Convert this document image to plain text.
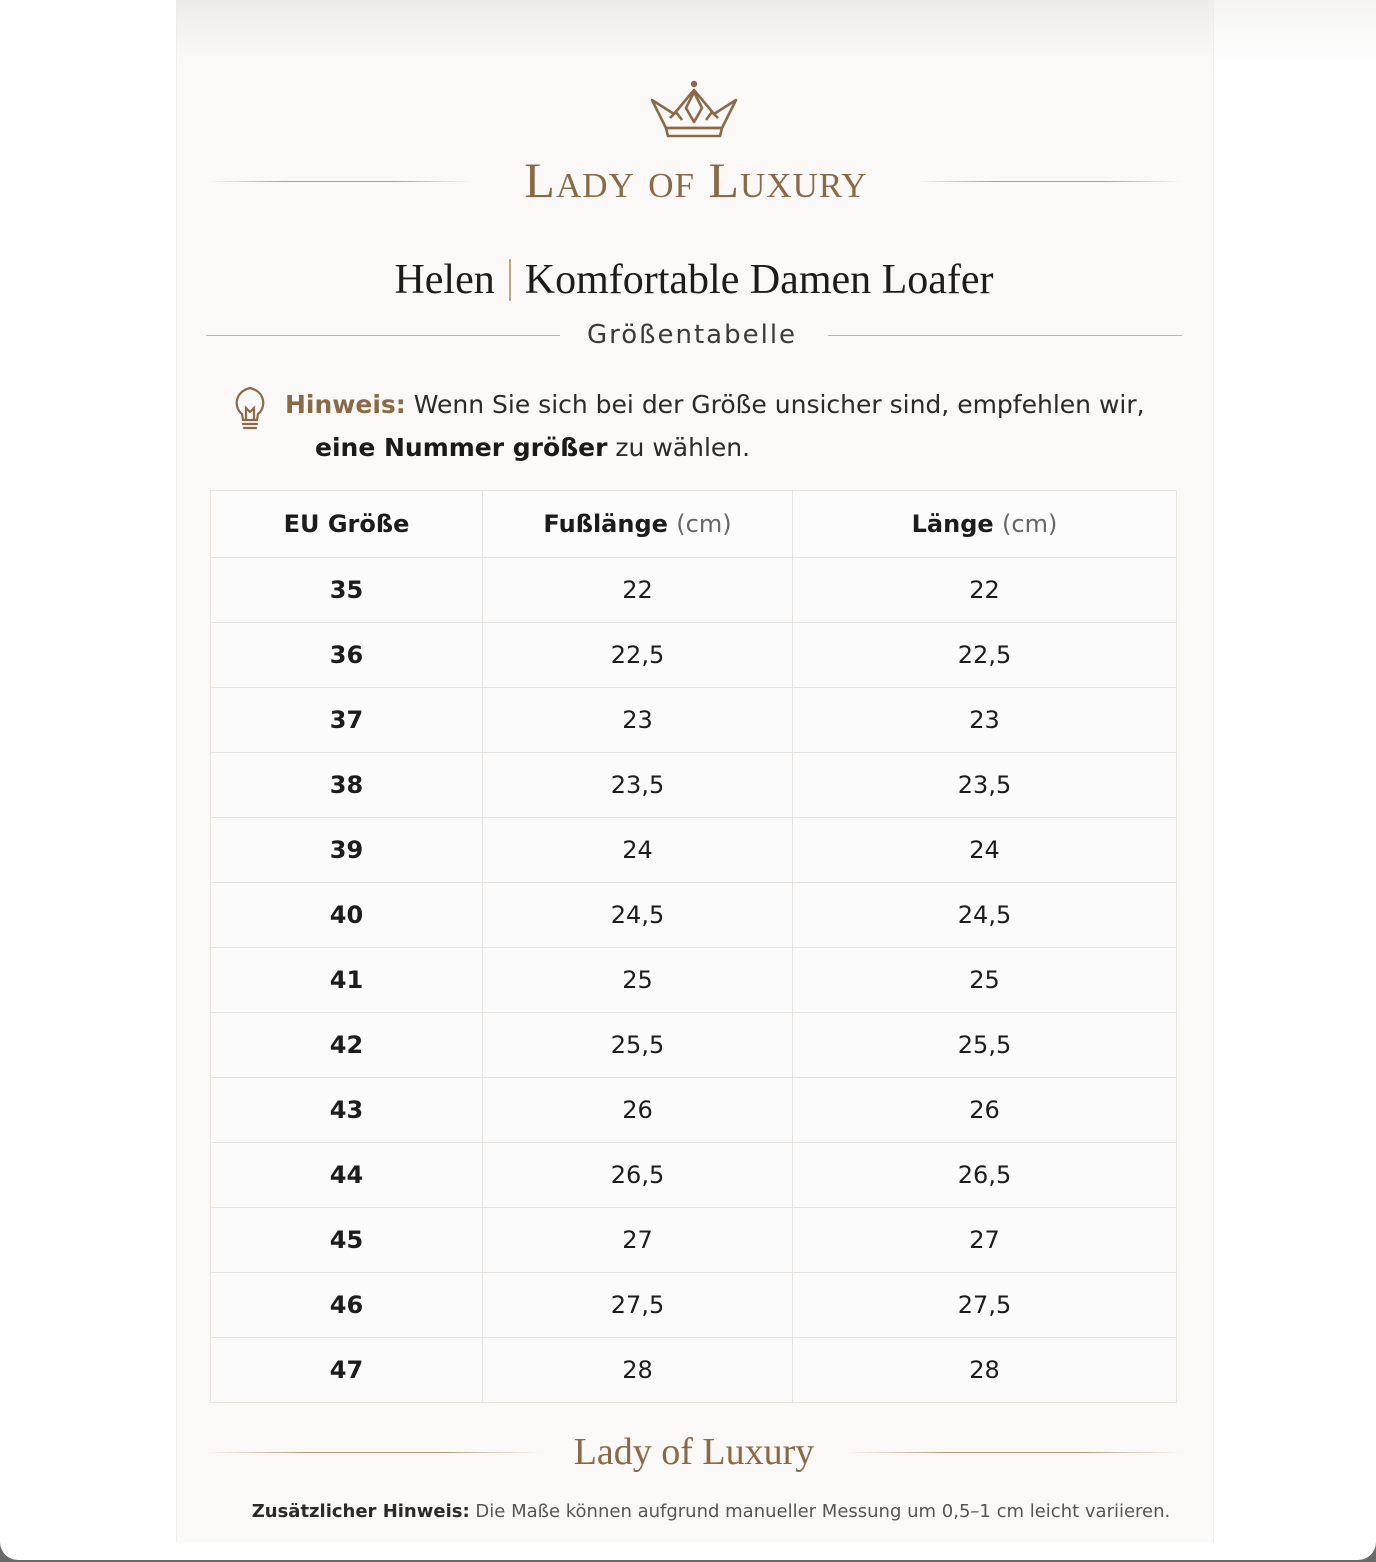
Lady of Luxury
Helen Komfortable Damen Loafer
Größentabelle
Hinweis: Wenn Sie sich bei der Größe unsicher sind, empfehlen wir,
eine Nummer größer zu wählen.
EU Größe	Fußlänge (cm)	Länge (cm)
35	22	22
36	22,5	22,5
37	23	23
38	23,5	23,5
39	24	24
40	24,5	24,5
41	25	25
42	25,5	25,5
43	26	26
44	26,5	26,5
45	27	27
46	27,5	27,5
47	28	28
Lady of Luxury
Zusätzlicher Hinweis: Die Maße können aufgrund manueller Messung um 0,5–1 cm leicht variieren.
